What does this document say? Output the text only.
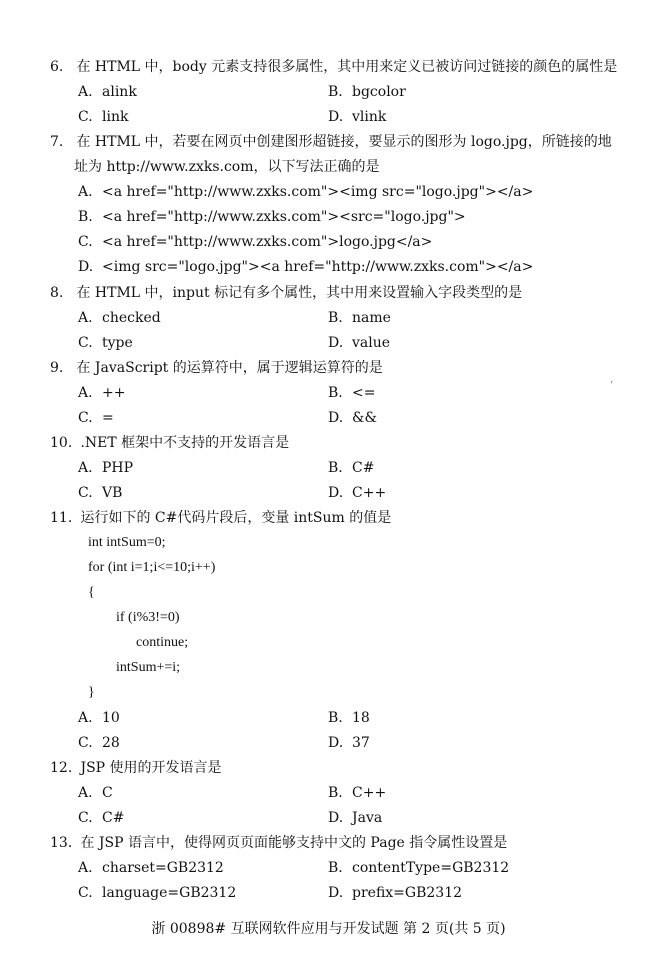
6. 在 HTML 中，body 元素支持很多属性，其中用来定义已被访问过链接的颜色的属性是
A. alink	B. bgcolor
C. link	D. vlink
7. 在 HTML 中，若要在网页中创建图形超链接，要显示的图形为 logo.jpg，所链接的地
址为 http://www.zxks.com，以下写法正确的是
A. <a href="http://www.zxks.com"><img src="logo.jpg"></a>
B. <a href="http://www.zxks.com"><src="logo.jpg">
C. <a href="http://www.zxks.com">logo.jpg</a>
D. <img src="logo.jpg"><a href="http://www.zxks.com"></a>
8. 在 HTML 中，input 标记有多个属性，其中用来设置输入字段类型的是
A. checked	B. name
C. type	D. value
9. 在 JavaScript 的运算符中，属于逻辑运算符的是
A. ++	B. <=
C. =	D. &&
10. .NET 框架中不支持的开发语言是
A. PHP	B. C#
C. VB	D. C++
11. 运行如下的 C#代码片段后，变量 intSum 的值是
int intSum=0;
for (int i=1;i<=10;i++)
{
if (i%3!=0)
continue;
intSum+=i;
}
A. 10	B. 18
C. 28	D. 37
12. JSP 使用的开发语言是
A. C	B. C++
C. C#	D. Java
13. 在 JSP 语言中，使得网页页面能够支持中文的 Page 指令属性设置是
A. charset=GB2312	B. contentType=GB2312
C. language=GB2312	D. prefix=GB2312
浙 00898# 互联网软件应用与开发试题 第 2 页(共 5 页)
ʻ
